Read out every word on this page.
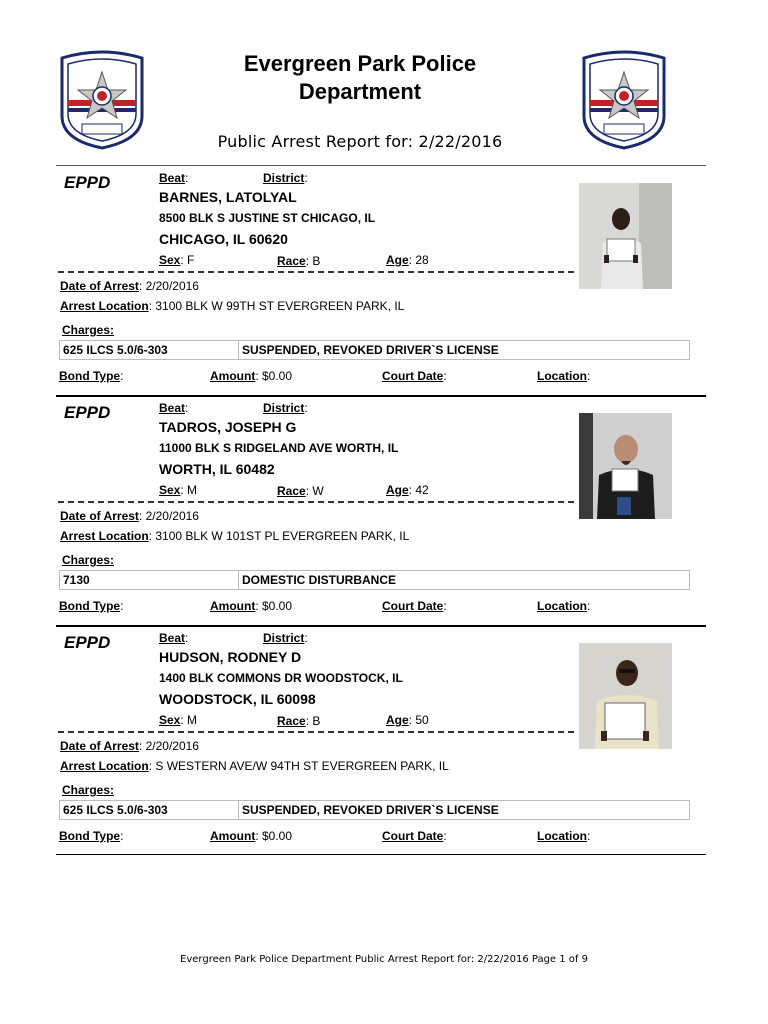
Evergreen Park Police Department
Public Arrest Report for: 2/22/2016
EPPD	Beat:	District:
BARNES, LATOLYAL
8500 BLK S JUSTINE ST CHICAGO, IL
CHICAGO, IL 60620
Sex: F	Race: B	Age: 28
Date of Arrest: 2/20/2016
Arrest Location: 3100 BLK W 99TH ST EVERGREEN PARK, IL
Charges:
625 ILCS 5.0/6-303	SUSPENDED, REVOKED DRIVER`S LICENSE
Bond Type:	Amount: $0.00	Court Date:	Location:
EPPD	Beat:	District:
TADROS, JOSEPH G
11000 BLK S RIDGELAND AVE WORTH, IL
WORTH, IL 60482
Sex: M	Race: W	Age: 42
Date of Arrest: 2/20/2016
Arrest Location: 3100 BLK W 101ST PL EVERGREEN PARK, IL
Charges:
7130	DOMESTIC DISTURBANCE
Bond Type:	Amount: $0.00	Court Date:	Location:
EPPD	Beat:	District:
HUDSON, RODNEY D
1400 BLK COMMONS DR WOODSTOCK, IL
WOODSTOCK, IL 60098
Sex: M	Race: B	Age: 50
Date of Arrest: 2/20/2016
Arrest Location: S WESTERN AVE/W 94TH ST EVERGREEN PARK, IL
Charges:
625 ILCS 5.0/6-303	SUSPENDED, REVOKED DRIVER`S LICENSE
Bond Type:	Amount: $0.00	Court Date:	Location:
Evergreen Park Police Department Public Arrest Report for: 2/22/2016 Page 1 of 9
